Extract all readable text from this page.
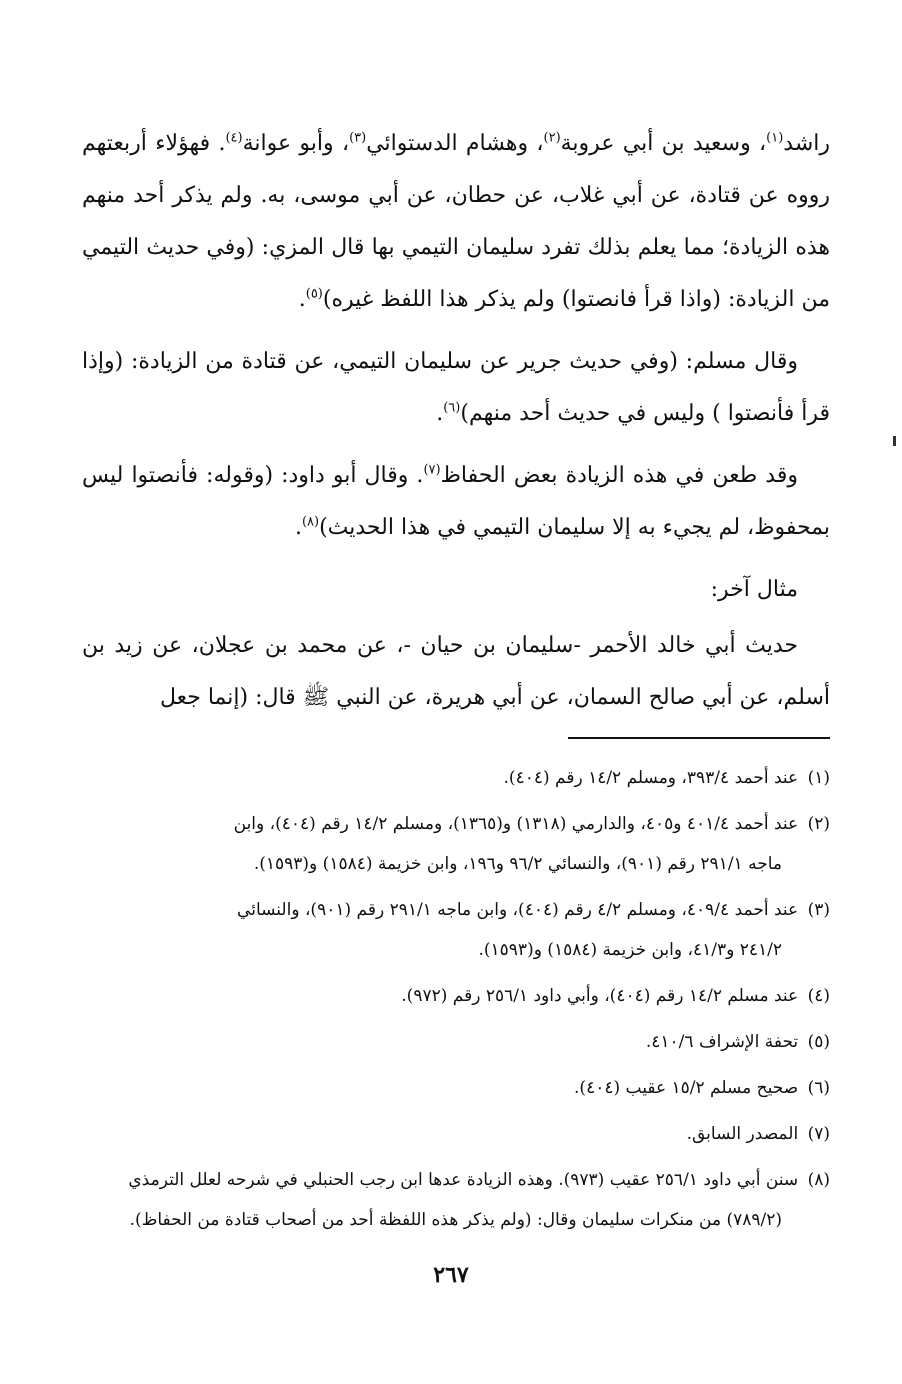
راشد$^{(١)}$، وسعيد بن أبي عروبة$^{(٢)}$، وهشام الدستوائي$^{(٣)}$، وأبو عوانة$^{(٤)}$. فهؤلاء أربعتهم رووه عن قتادة، عن أبي غلاب، عن حطان، عن أبي موسى، به. ولم يذكر أحد منهم هذه الزيادة؛ مما يعلم بذلك تفرد سليمان التيمي بها قال المزي: (وفي حديث التيمي من الزيادة: (واذا قرأ فانصتوا) ولم يذكر هذا اللفظ غيره)$^{(٥)}$.

وقال مسلم: (وفي حديث جرير عن سليمان التيمي، عن قتادة من الزيادة: (وإذا قرأ فأنصتوا ) وليس في حديث أحد منهم)$^{(٦)}$.

وقد طعن في هذه الزيادة بعض الحفاظ$^{(٧)}$. وقال أبو داود: (وقوله: فأنصتوا ليس بمحفوظ، لم يجيء به إلا سليمان التيمي في هذا الحديث)$^{(٨)}$.

مثال آخر:

حديث أبي خالد الأحمر -سليمان بن حيان -، عن محمد بن عجلان، عن زيد بن أسلم، عن أبي صالح السمان، عن أبي هريرة، عن النبي ﷺ قال: (إنما جعل

(١) عند أحمد ٣٩٣/٤، ومسلم ١٤/٢ رقم (٤٠٤).
(٢) عند أحمد ٤٠١/٤ و٤٠٥، والدارمي (١٣١٨) و(١٣٦٥)، ومسلم ١٤/٢ رقم (٤٠٤)، وابن
ماجه ٢٩١/١ رقم (٩٠١)، والنسائي ٩٦/٢ و١٩٦، وابن خزيمة (١٥٨٤) و(١٥٩٣).
(٣) عند أحمد ٤٠٩/٤، ومسلم ٤/٢ رقم (٤٠٤)، وابن ماجه ٢٩١/١ رقم (٩٠١)، والنسائي
٢٤١/٢ و٤١/٣، وابن خزيمة (١٥٨٤) و(١٥٩٣).
(٤) عند مسلم ١٤/٢ رقم (٤٠٤)، وأبي داود ٢٥٦/١ رقم (٩٧٢).
(٥) تحفة الإشراف ٤١٠/٦.
(٦) صحيح مسلم ١٥/٢ عقيب (٤٠٤).
(٧) المصدر السابق.
(٨) سنن أبي داود ٢٥٦/١ عقيب (٩٧٣). وهذه الزيادة عدها ابن رجب الحنبلي في شرحه لعلل الترمذي
(٧٨٩/٢) من منكرات سليمان وقال: (ولم يذكر هذه اللفظة أحد من أصحاب قتادة من الحفاظ).
٢٦٧
